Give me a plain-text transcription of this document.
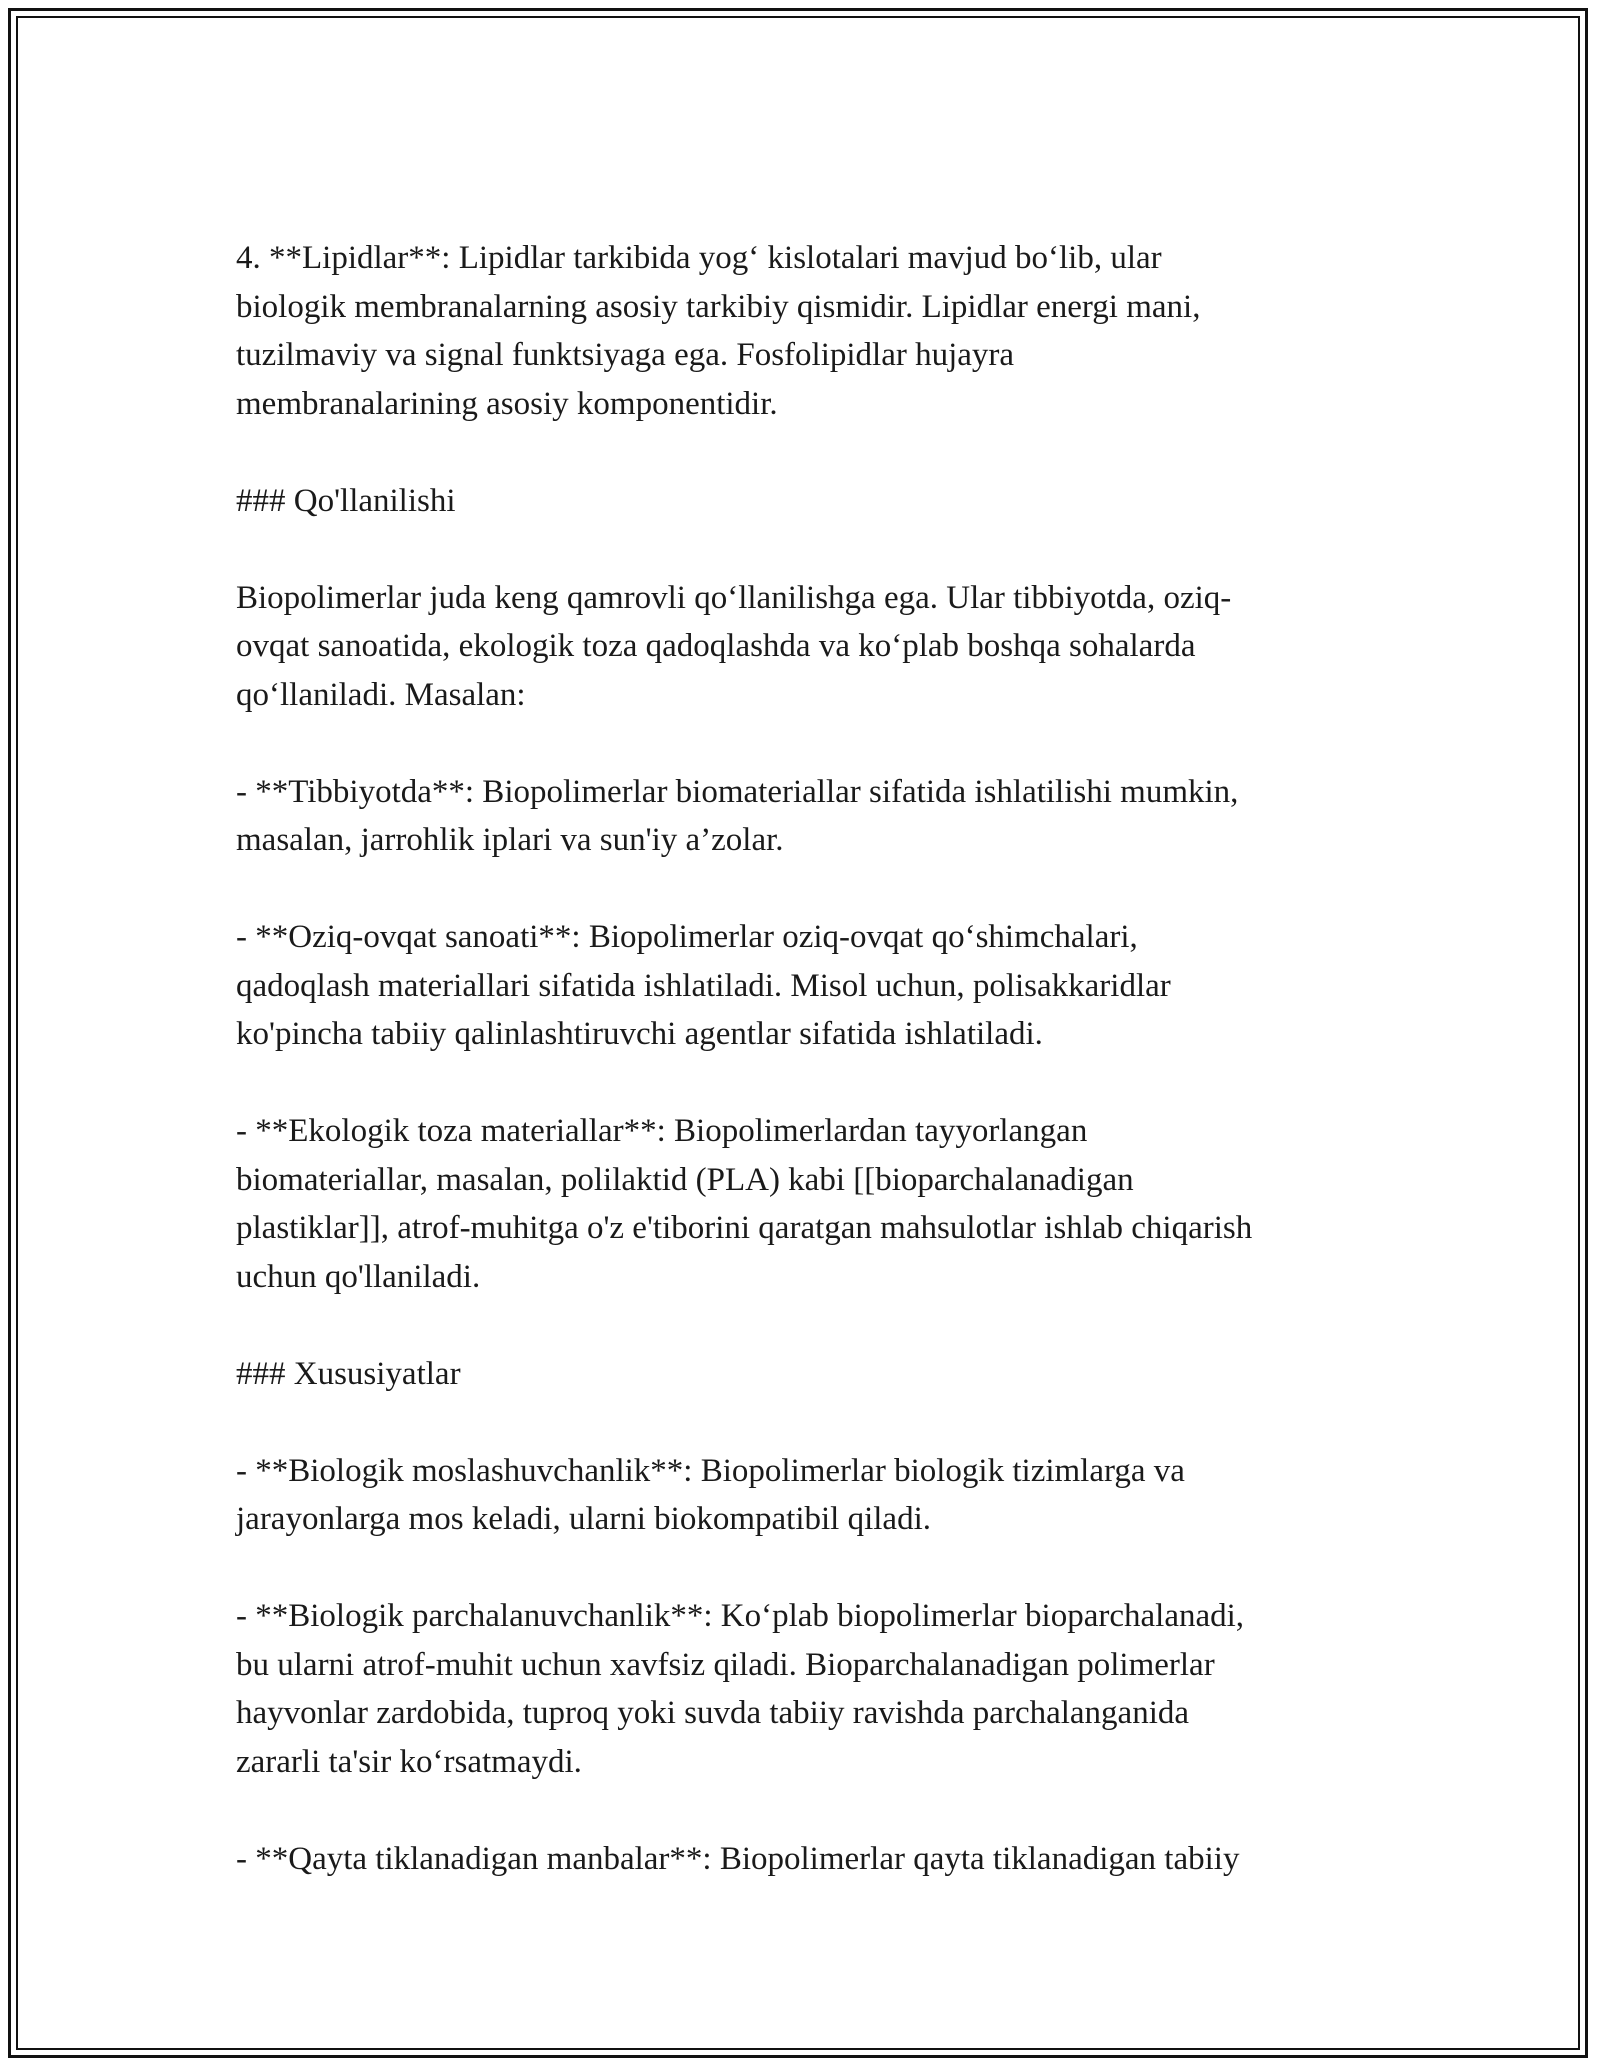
4. **Lipidlar**: Lipidlar tarkibida yog‘ kislotalari mavjud bo‘lib, ular
biologik membranalarning asosiy tarkibiy qismidir. Lipidlar energi mani,
tuzilmaviy va signal funktsiyaga ega. Fosfolipidlar hujayra
membranalarining asosiy komponentidir.

### Qo'llanilishi

Biopolimerlar juda keng qamrovli qo‘llanilishga ega. Ular tibbiyotda, oziq-
ovqat sanoatida, ekologik toza qadoqlashda va ko‘plab boshqa sohalarda
qo‘llaniladi. Masalan:

- **Tibbiyotda**: Biopolimerlar biomateriallar sifatida ishlatilishi mumkin,
masalan, jarrohlik iplari va sun'iy a’zolar.

- **Oziq-ovqat sanoati**: Biopolimerlar oziq-ovqat qo‘shimchalari,
qadoqlash materiallari sifatida ishlatiladi. Misol uchun, polisakkaridlar
ko'pincha tabiiy qalinlashtiruvchi agentlar sifatida ishlatiladi.

- **Ekologik toza materiallar**: Biopolimerlardan tayyorlangan
biomateriallar, masalan, polilaktid (PLA) kabi [[bioparchalanadigan
plastiklar]], atrof-muhitga o'z e'tiborini qaratgan mahsulotlar ishlab chiqarish
uchun qo'llaniladi.

### Xususiyatlar

- **Biologik moslashuvchanlik**: Biopolimerlar biologik tizimlarga va
jarayonlarga mos keladi, ularni biokompatibil qiladi.

- **Biologik parchalanuvchanlik**: Ko‘plab biopolimerlar bioparchalanadi,
bu ularni atrof-muhit uchun xavfsiz qiladi. Bioparchalanadigan polimerlar
hayvonlar zardobida, tuproq yoki suvda tabiiy ravishda parchalanganida
zararli ta'sir ko‘rsatmaydi.

- **Qayta tiklanadigan manbalar**: Biopolimerlar qayta tiklanadigan tabiiy
